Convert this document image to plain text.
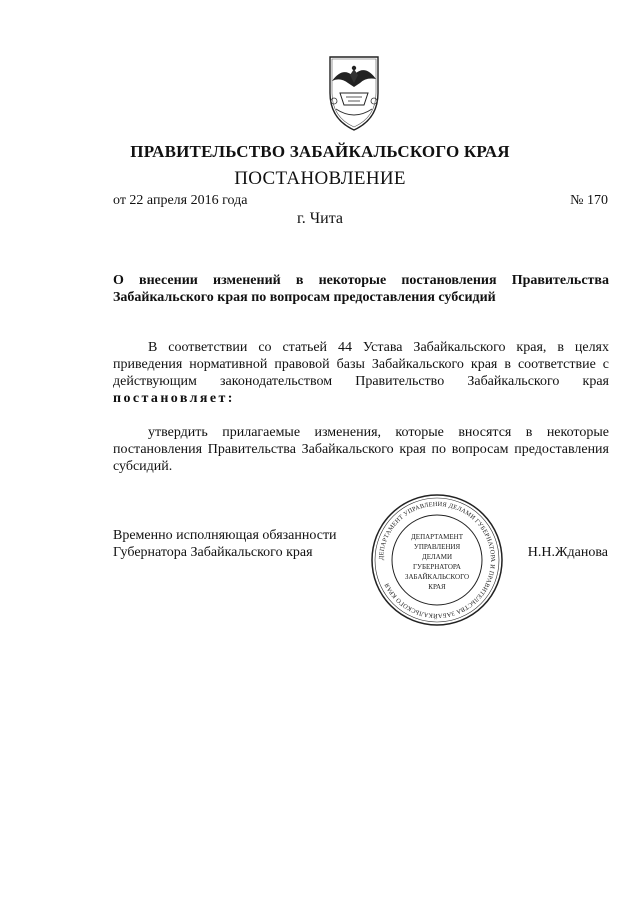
ПРАВИТЕЛЬСТВО ЗАБАЙКАЛЬСКОГО КРАЯ
ПОСТАНОВЛЕНИЕ
от 22 апреля 2016 года	№ 170
г. Чита
О внесении изменений в некоторые постановления Правительства Забайкальского края по вопросам предоставления субсидий
В соответствии со статьей 44 Устава Забайкальского края, в целях приведения нормативной правовой базы Забайкальского края в соответствие с действующим законодательством Правительство Забайкальского края постановляет:
утвердить прилагаемые изменения, которые вносятся в некоторые постановления Правительства Забайкальского края по вопросам предоставления субсидий.
Временно исполняющая обязанности
Губернатора Забайкальского края	ДЕПАРТАМЕНТ УПРАВЛЕНИЯ ДЕЛАМИ ГУБЕРНАТОРА И ПРАВИТЕЛЬСТВА ЗАБАЙКАЛЬСКОГО КРАЯ
ДЕПАРТАМЕНТ
УПРАВЛЕНИЯ
ДЕЛАМИ
ГУБЕРНАТОРА
ЗАБАЙКАЛЬСКОГО
КРАЯ
Н.Н.Жданова
